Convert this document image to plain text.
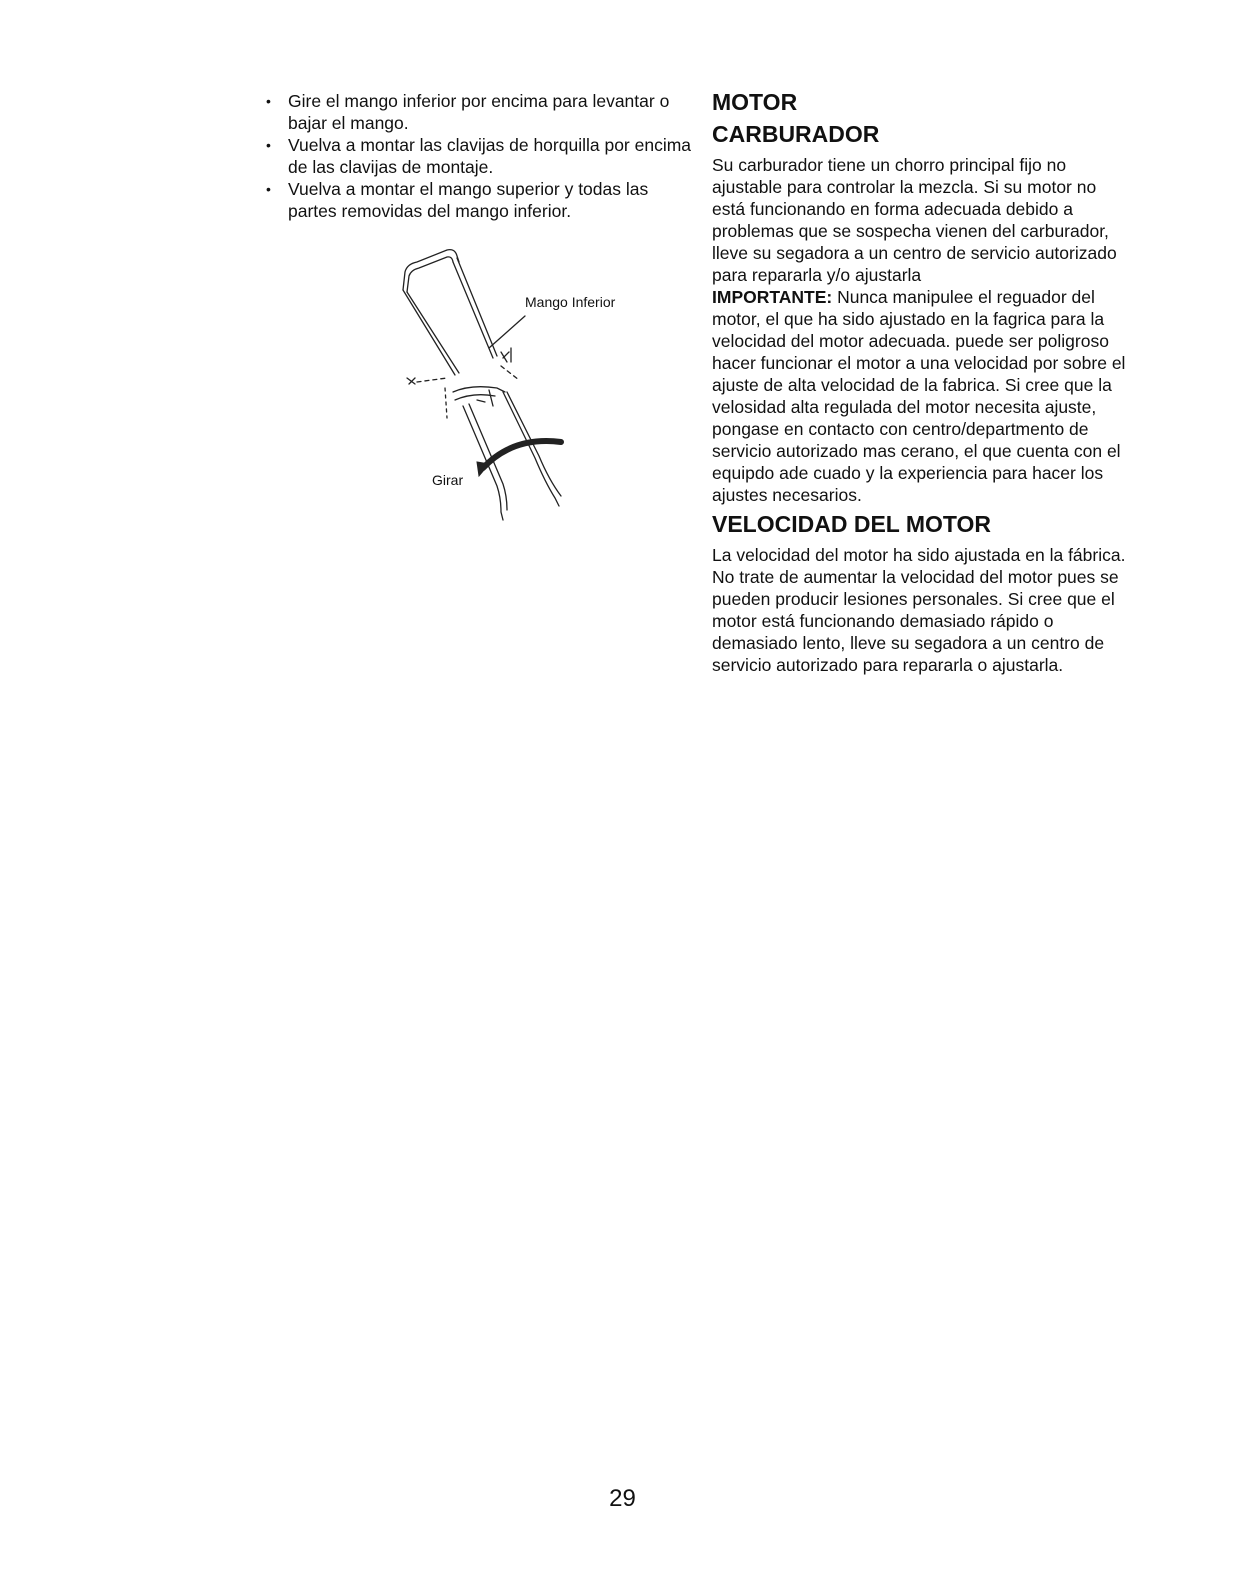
• Gire el mango inferior por encima para levantar o bajar el mango.
• Vuelva a montar las clavijas de horquilla por encima de las clavijas de montaje.
• Vuelva a montar el mango superior y todas las partes removidas del mango inferior.
Mango Inferior
Girar
MOTOR
CARBURADOR

Su carburador tiene un chorro principal fijo no ajustable para controlar la mezcla. Si su motor no está funcionando en forma adecuada debido a problemas que se sospecha vienen del carburador, lleve su segadora a un centro de servicio autorizado para repararla y/o ajustarla

IMPORTANTE: Nunca manipulee el reguador del motor, el que ha sido ajustado en la fagrica para la velocidad del motor adecuada. puede ser poligroso hacer funcionar el motor a una velocidad por sobre el ajuste de alta velocidad de la fabrica. Si cree que la velosidad alta regulada del motor necesita ajuste, pongase en contacto con centro/departmento de servicio autorizado mas cerano, el que cuenta con el equipdo ade cuado y la experiencia para hacer los ajustes necesarios.

VELOCIDAD DEL MOTOR

La velocidad del motor ha sido ajustada en la fábrica. No trate de aumentar la velocidad del motor pues se pueden producir lesiones personales. Si cree que el motor está funcionando demasiado rápido o demasiado lento, lleve su segadora a un centro de servicio autorizado para repararla o ajustarla.

29
